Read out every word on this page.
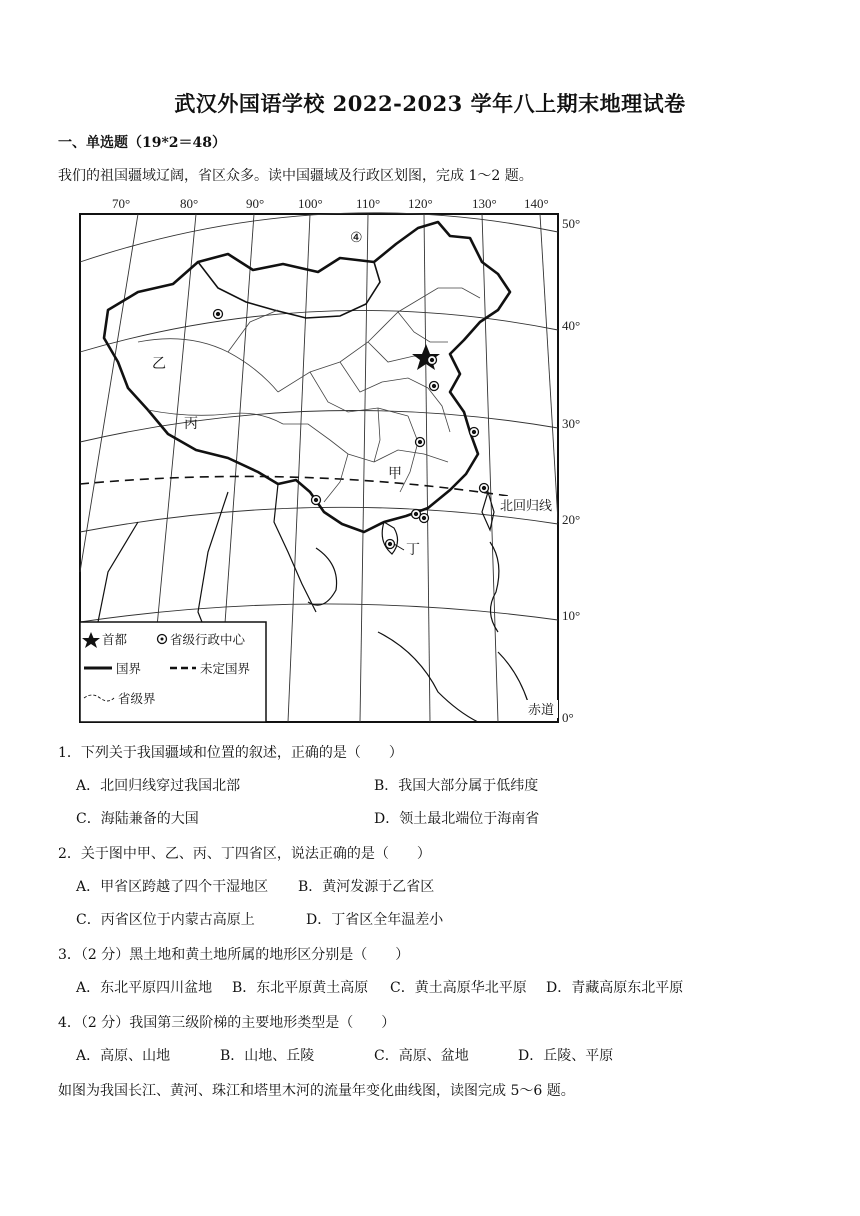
武汉外国语学校 2022-2023 学年八上期末地理试卷
一、单选题（19*2＝48）
我们的祖国疆域辽阔，省区众多。读中国疆域及行政区划图，完成 1～2 题。
70°	80°	90°	100°	110° 120°	130° 140°
50°
40°
30°
20°
10°
0°
甲
乙
丙
丁
④
北回归线
赤道
首都	省级行政中心
国界	未定国界
省级界
1．下列关于我国疆域和位置的叙述，正确的是（　　）
A．北回归线穿过我国北部	B．我国大部分属于低纬度
C．海陆兼备的大国	D．领土最北端位于海南省
2．关于图中甲、乙、丙、丁四省区，说法正确的是（　　）
A．甲省区跨越了四个干湿地区 B．黄河发源于乙省区
C．丙省区位于内蒙古高原上	D．丁省区全年温差小
3．（2 分）黑土地和黄土地所属的地形区分别是（　　）
A．东北平原四川盆地 B．东北平原黄土高原 C．黄土高原华北平原 D．青藏高原东北平原
4．（2 分）我国第三级阶梯的主要地形类型是（　　）
A．高原、山地	B．山地、丘陵	C．高原、盆地	D．丘陵、平原
如图为我国长江、黄河、珠江和塔里木河的流量年变化曲线图，读图完成 5～6 题。
